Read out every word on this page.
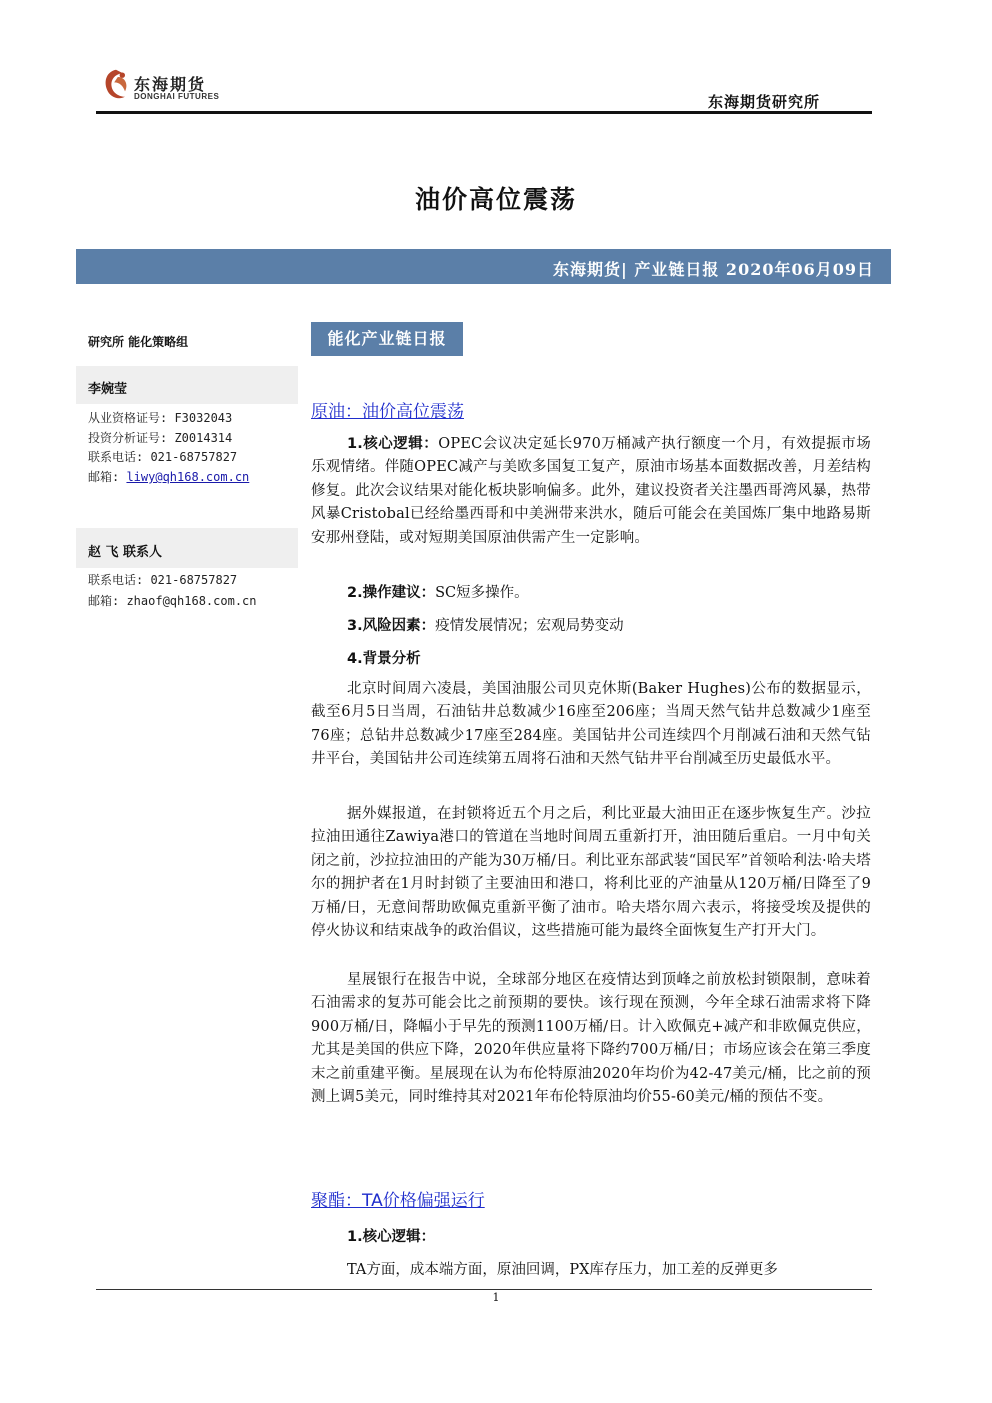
东海期货
DONGHAI FUTURES	东海期货研究所
油价高位震荡
东海期货| 产业链日报 2020年06月09日
研究所 能化策略组
李婉莹
从业资格证号: F3032043
投资分析证号: Z0014314
联系电话: 021-68757827
邮箱: liwy@qh168.com.cn
赵 飞 联系人
联系电话: 021-68757827
邮箱: zhaof@qh168.com.cn
能化产业链日报
原油：油价高位震荡
1.核心逻辑：OPEC会议决定延长970万桶减产执行额度一个月，有效提振市场乐观情绪。伴随OPEC减产与美欧多国复工复产，原油市场基本面数据改善，月差结构修复。此次会议结果对能化板块影响偏多。此外，建议投资者关注墨西哥湾风暴，热带风暴Cristobal已经给墨西哥和中美洲带来洪水，随后可能会在美国炼厂集中地路易斯安那州登陆，或对短期美国原油供需产生一定影响。
2.操作建议：SC短多操作。
3.风险因素：疫情发展情况；宏观局势变动
4.背景分析
北京时间周六凌晨，美国油服公司贝克休斯(Baker Hughes)公布的数据显示，截至6月5日当周，石油钻井总数减少16座至206座；当周天然气钻井总数减少1座至76座；总钻井总数减少17座至284座。美国钻井公司连续四个月削减石油和天然气钻井平台，美国钻井公司连续第五周将石油和天然气钻井平台削减至历史最低水平。
据外媒报道，在封锁将近五个月之后，利比亚最大油田正在逐步恢复生产。沙拉拉油田通往Zawiya港口的管道在当地时间周五重新打开，油田随后重启。一月中旬关闭之前，沙拉拉油田的产能为30万桶/日。利比亚东部武装“国民军”首领哈利法·哈夫塔尔的拥护者在1月时封锁了主要油田和港口，将利比亚的产油量从120万桶/日降至了9万桶/日，无意间帮助欧佩克重新平衡了油市。哈夫塔尔周六表示，将接受埃及提供的停火协议和结束战争的政治倡议，这些措施可能为最终全面恢复生产打开大门。
星展银行在报告中说，全球部分地区在疫情达到顶峰之前放松封锁限制，意味着石油需求的复苏可能会比之前预期的要快。该行现在预测，今年全球石油需求将下降900万桶/日，降幅小于早先的预测1100万桶/日。计入欧佩克+减产和非欧佩克供应，尤其是美国的供应下降，2020年供应量将下降约700万桶/日；市场应该会在第三季度末之前重建平衡。星展现在认为布伦特原油2020年均价为42-47美元/桶，比之前的预测上调5美元，同时维持其对2021年布伦特原油均价55-60美元/桶的预估不变。
聚酯：TA价格偏强运行
1.核心逻辑：
TA方面，成本端方面，原油回调，PX库存压力，加工差的反弹更多
1
